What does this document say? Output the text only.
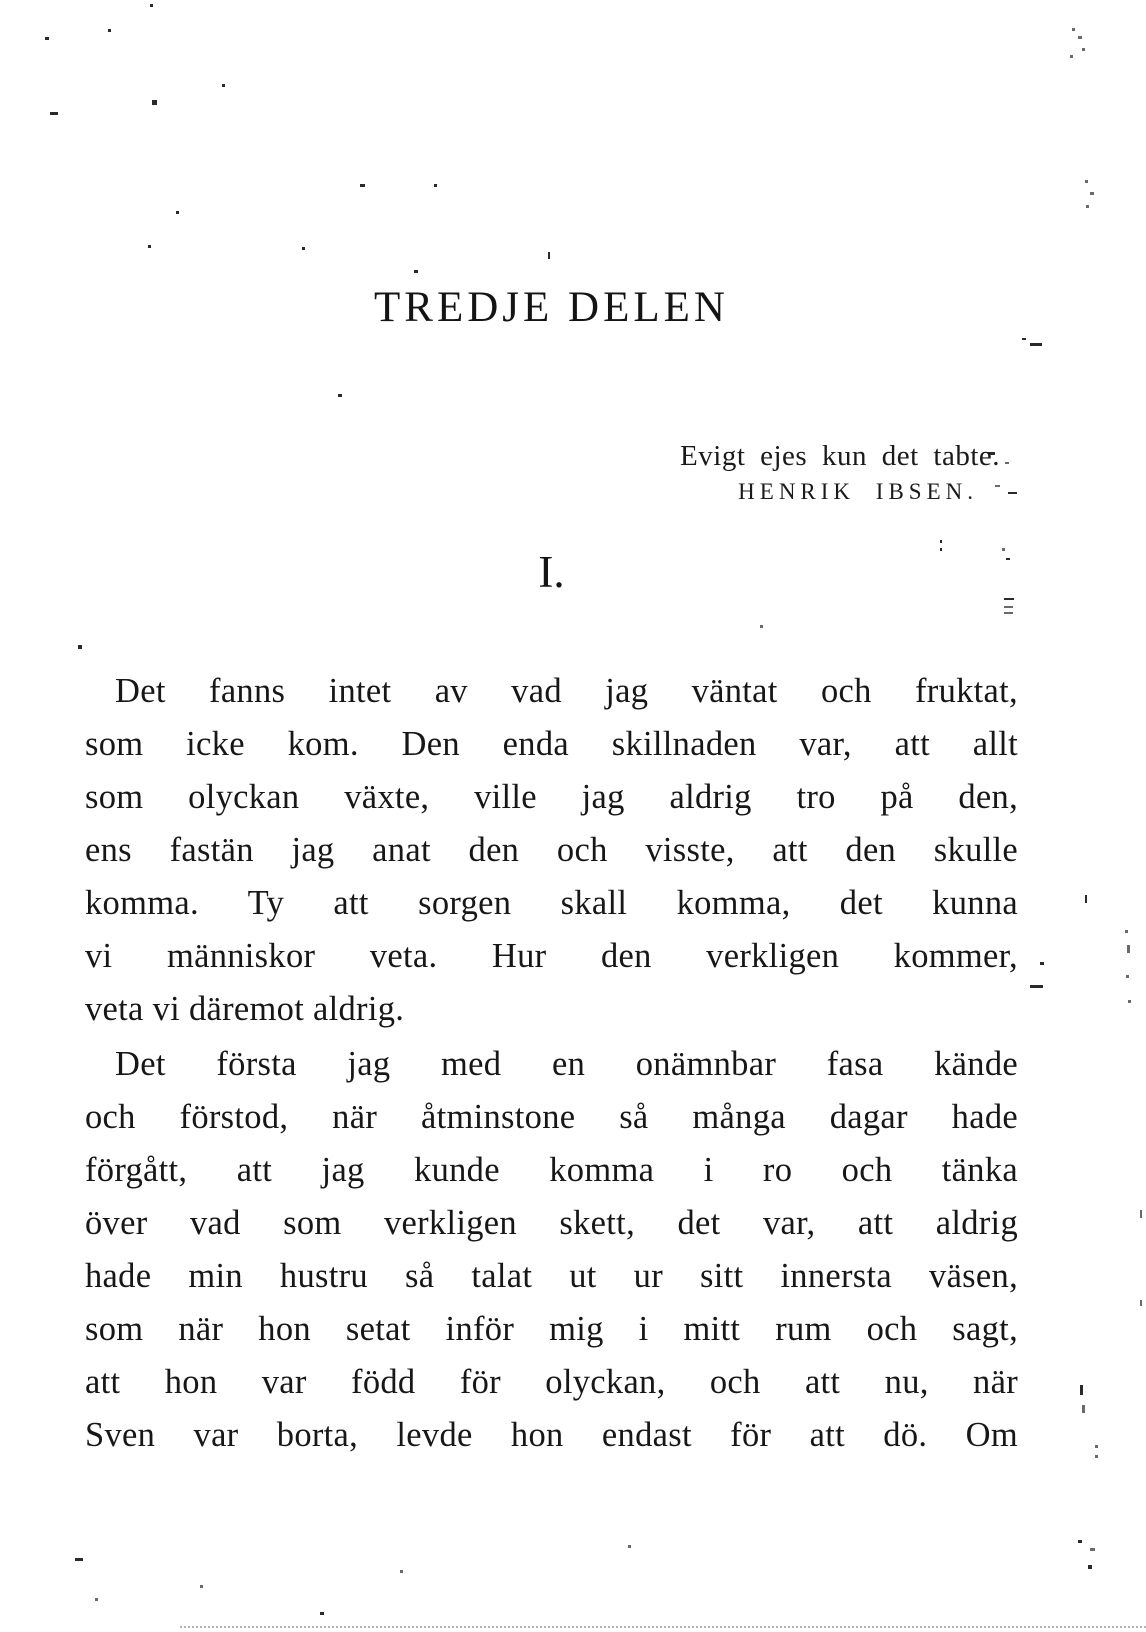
TREDJE DELEN
Evigt ejes kun det tabte.
HENRIK IBSEN.
I.
Det fanns intet av vad jag väntat och fruktat,
som icke kom. Den enda skillnaden var, att allt
som olyckan växte, ville jag aldrig tro på den,
ens fastän jag anat den och visste, att den skulle
komma. Ty att sorgen skall komma, det kunna
vi människor veta. Hur den verkligen kommer,
veta vi däremot aldrig.
Det första jag med en onämnbar fasa kände
och förstod, när åtminstone så många dagar hade
förgått, att jag kunde komma i ro och tänka
över vad som verkligen skett, det var, att aldrig
hade min hustru så talat ut ur sitt innersta väsen,
som när hon setat inför mig i mitt rum och sagt,
att hon var född för olyckan, och att nu, när
Sven var borta, levde hon endast för att dö. Om
